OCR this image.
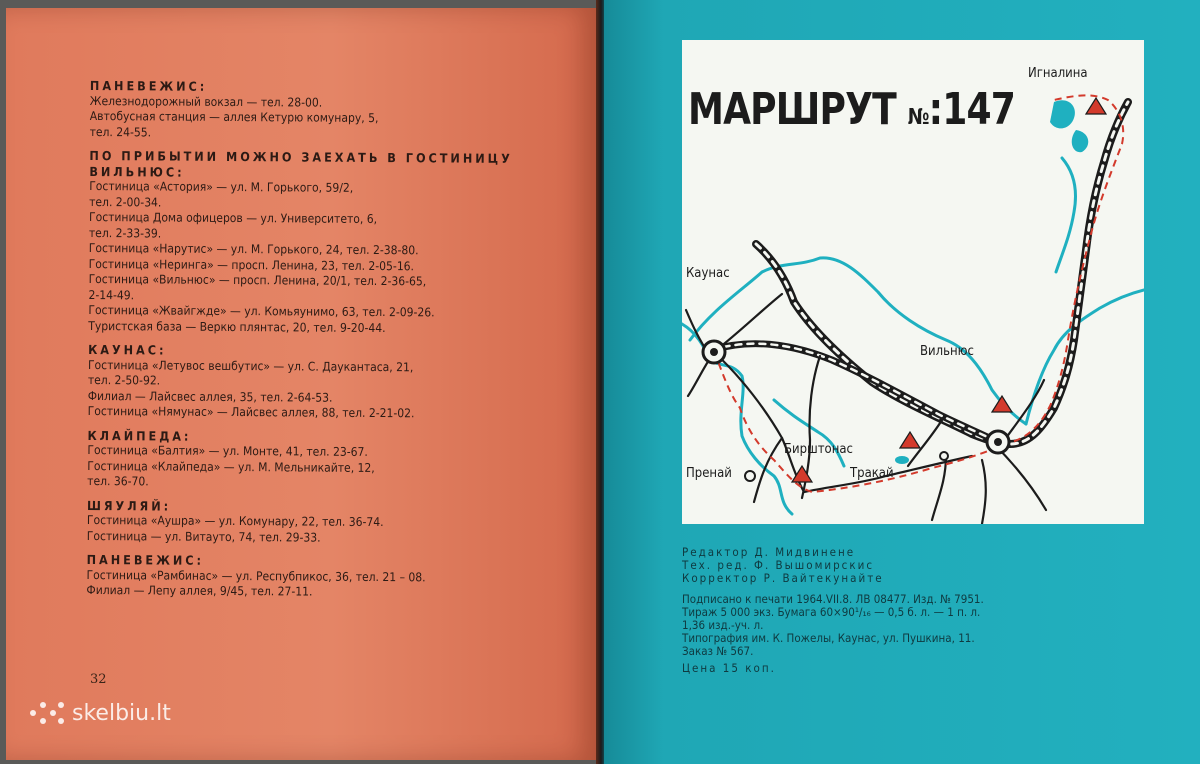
ПАНЕВЕЖИС:
Железнодорожный вокзал — тел. 28-00.
Автобусная станция — аллея Кетурю комунару, 5,
тел. 24-55.
ПО ПРИБЫТИИ МОЖНО ЗАЕХАТЬ В ГОСТИНИЦУ
ВИЛЬНЮС:
Гостиница «Астория» — ул. М. Горького, 59/2,
тел. 2-00-34.
Гостиница Дома офицеров — ул. Университето, 6,
тел. 2-33-39.
Гостиница «Нарутис» — ул. М. Горького, 24, тел. 2-38-80.
Гостиница «Неринга» — просп. Ленина, 23, тел. 2-05-16.
Гостиница «Вильнюс» — просп. Ленина, 20/1, тел. 2-36-65,
2-14-49.
Гостиница «Жвайгжде» — ул. Комьяунимо, 63, тел. 2-09-26.
Туристская база — Веркю плянтас, 20, тел. 9-20-44.
КАУНАС:
Гостиница «Летувос вешбутис» — ул. С. Даукантаса, 21,
тел. 2-50-92.
Филиал — Лайсвес аллея, 35, тел. 2-64-53.
Гостиница «Нямунас» — Лайсвес аллея, 88, тел. 2-21-02.
КЛАЙПЕДА:
Гостиница «Балтия» — ул. Монте, 41, тел. 23-67.
Гостиница «Клайпеда» — ул. М. Мельникайте, 12,
тел. 36-70.
ШЯУЛЯЙ:
Гостиница «Аушра» — ул. Комунару, 22, тел. 36-74.
Гостиница — ул. Витауто, 74, тел. 29-33.
ПАНЕВЕЖИС:
Гостиница «Рамбинас» — ул. Респубпикос, 36, тел. 21 – 08.
Филиал — Лепу аллея, 9/45, тел. 27-11.
32
skelbiu.lt
МАРШРУТ №:147
Игналина
Каунас
Вильнюс
Бирштонас
Тракай
Пренай
Редактор Д. Мидвинене
Тех. ред. Ф. Вышомирскис
Корректор Р. Вайтекунайте
Подписано к печати 1964.VII.8. ЛВ 08477. Изд. № 7951.
Тираж 5 000 экз. Бумага 60×90¹/₁₆ — 0,5 б. л. — 1 п. л.
1,36 изд.-уч. л.
Типография им. К. Пожелы, Каунас, ул. Пушкина, 11.
Заказ № 567.
Цена 15 коп.
